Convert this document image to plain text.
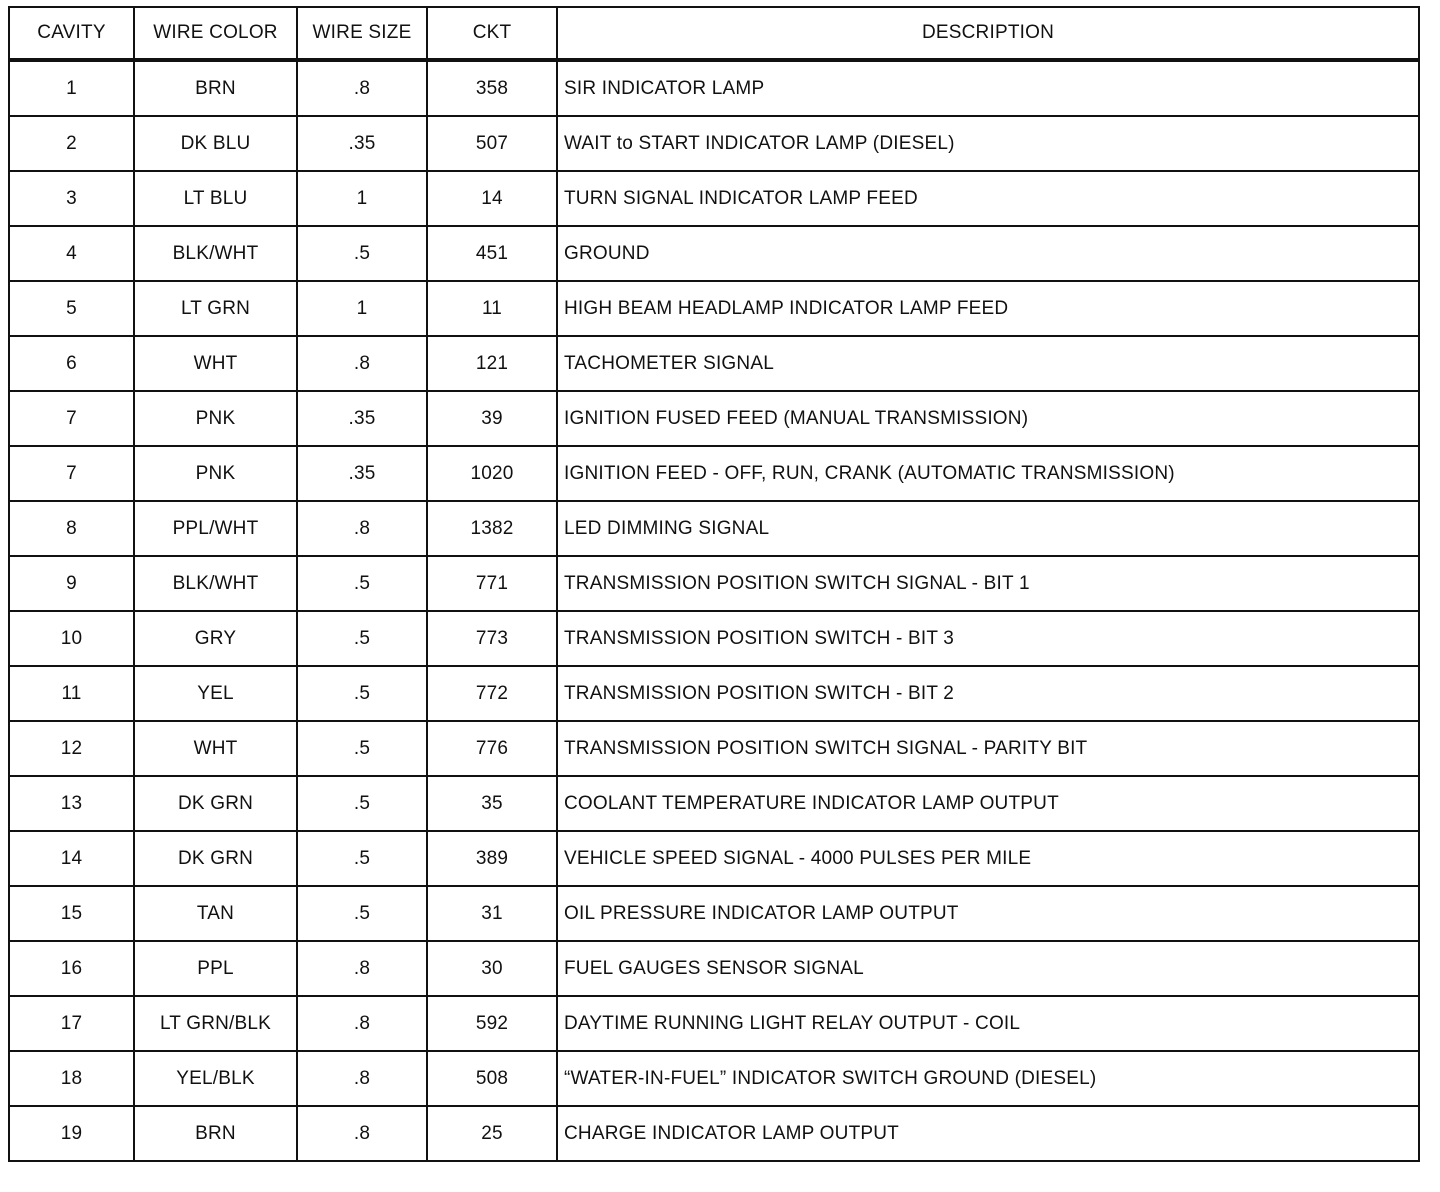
CAVITY	WIRE COLOR	WIRE SIZE	CKT	DESCRIPTION
1	BRN	.8	358	SIR INDICATOR LAMP
2	DK BLU	.35	507	WAIT to START INDICATOR LAMP (DIESEL)
3	LT BLU	1	14	TURN SIGNAL INDICATOR LAMP FEED
4	BLK/WHT	.5	451	GROUND
5	LT GRN	1	11	HIGH BEAM HEADLAMP INDICATOR LAMP FEED
6	WHT	.8	121	TACHOMETER SIGNAL
7	PNK	.35	39	IGNITION FUSED FEED (MANUAL TRANSMISSION)
7	PNK	.35	1020	IGNITION FEED - OFF, RUN, CRANK (AUTOMATIC TRANSMISSION)
8	PPL/WHT	.8	1382	LED DIMMING SIGNAL
9	BLK/WHT	.5	771	TRANSMISSION POSITION SWITCH SIGNAL - BIT 1
10	GRY	.5	773	TRANSMISSION POSITION SWITCH - BIT 3
11	YEL	.5	772	TRANSMISSION POSITION SWITCH - BIT 2
12	WHT	.5	776	TRANSMISSION POSITION SWITCH SIGNAL - PARITY BIT
13	DK GRN	.5	35	COOLANT TEMPERATURE INDICATOR LAMP OUTPUT
14	DK GRN	.5	389	VEHICLE SPEED SIGNAL - 4000 PULSES PER MILE
15	TAN	.5	31	OIL PRESSURE INDICATOR LAMP OUTPUT
16	PPL	.8	30	FUEL GAUGES SENSOR SIGNAL
17	LT GRN/BLK	.8	592	DAYTIME RUNNING LIGHT RELAY OUTPUT - COIL
18	YEL/BLK	.8	508	“WATER-IN-FUEL” INDICATOR SWITCH GROUND (DIESEL)
19	BRN	.8	25	CHARGE INDICATOR LAMP OUTPUT
